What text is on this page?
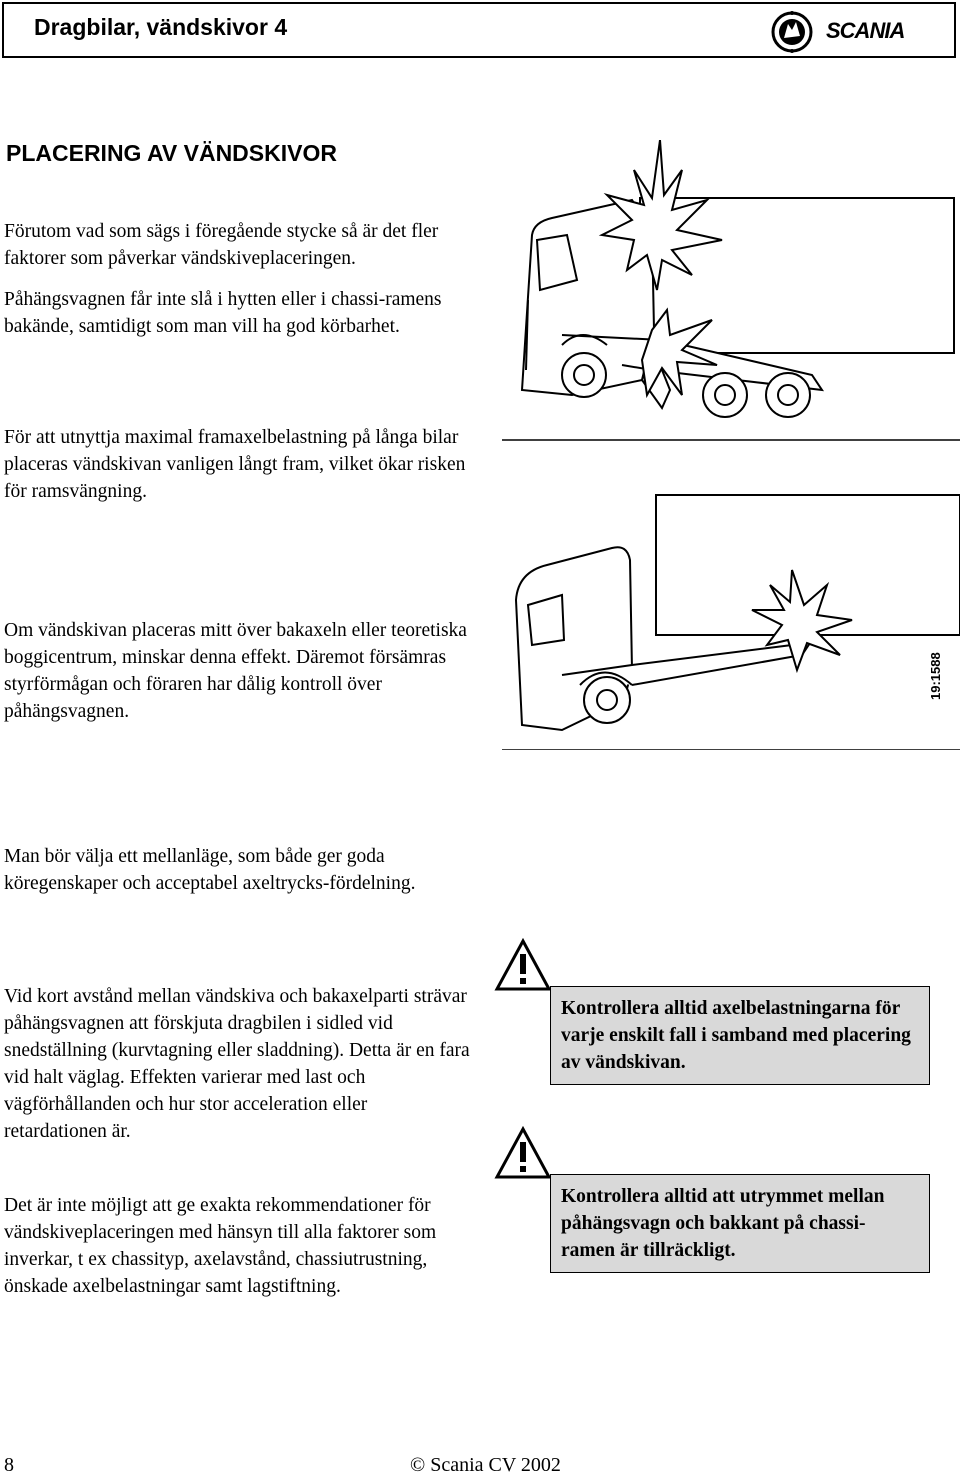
Dragbilar, vändskivor 4	SCANIA
PLACERING AV VÄNDSKIVOR

Förutom vad som sägs i föregående stycke så är det fler faktorer som påverkar vändskiveplaceringen.

Påhängsvagnen får inte slå i hytten eller i chassi-ramens bakände, samtidigt som man vill ha god körbarhet.

För att utnyttja maximal framaxelbelastning på långa bilar placeras vändskivan vanligen långt fram, vilket ökar risken för ramsvängning.

Om vändskivan placeras mitt över bakaxeln eller teoretiska boggicentrum, minskar denna effekt. Däremot försämras styrförmågan och föraren har dålig kontroll över påhängsvagnen.

Man bör välja ett mellanläge, som både ger goda köregenskaper och acceptabel axeltrycks-fördelning.

Vid kort avstånd mellan vändskiva och bakaxelparti strävar påhängsvagnen att förskjuta dragbilen i sidled vid snedställning (kurvtagning eller sladdning). Detta är en fara vid halt väglag. Effekten varierar med last och vägförhållanden och hur stor acceleration eller retardationen är.

Det är inte möjligt att ge exakta rekommendationer för vändskiveplaceringen med hänsyn till alla faktorer som inverkar, t ex chassityp, axelavstånd, chassiutrustning, önskade axelbelastningar samt lagstiftning.

19:1588
Kontrollera alltid axelbelastningarna för varje enskilt fall i samband med placering av vändskivan.
Kontrollera alltid att utrymmet mellan påhängsvagn och bakkant på chassi-ramen är tillräckligt.
8	© Scania CV 2002
